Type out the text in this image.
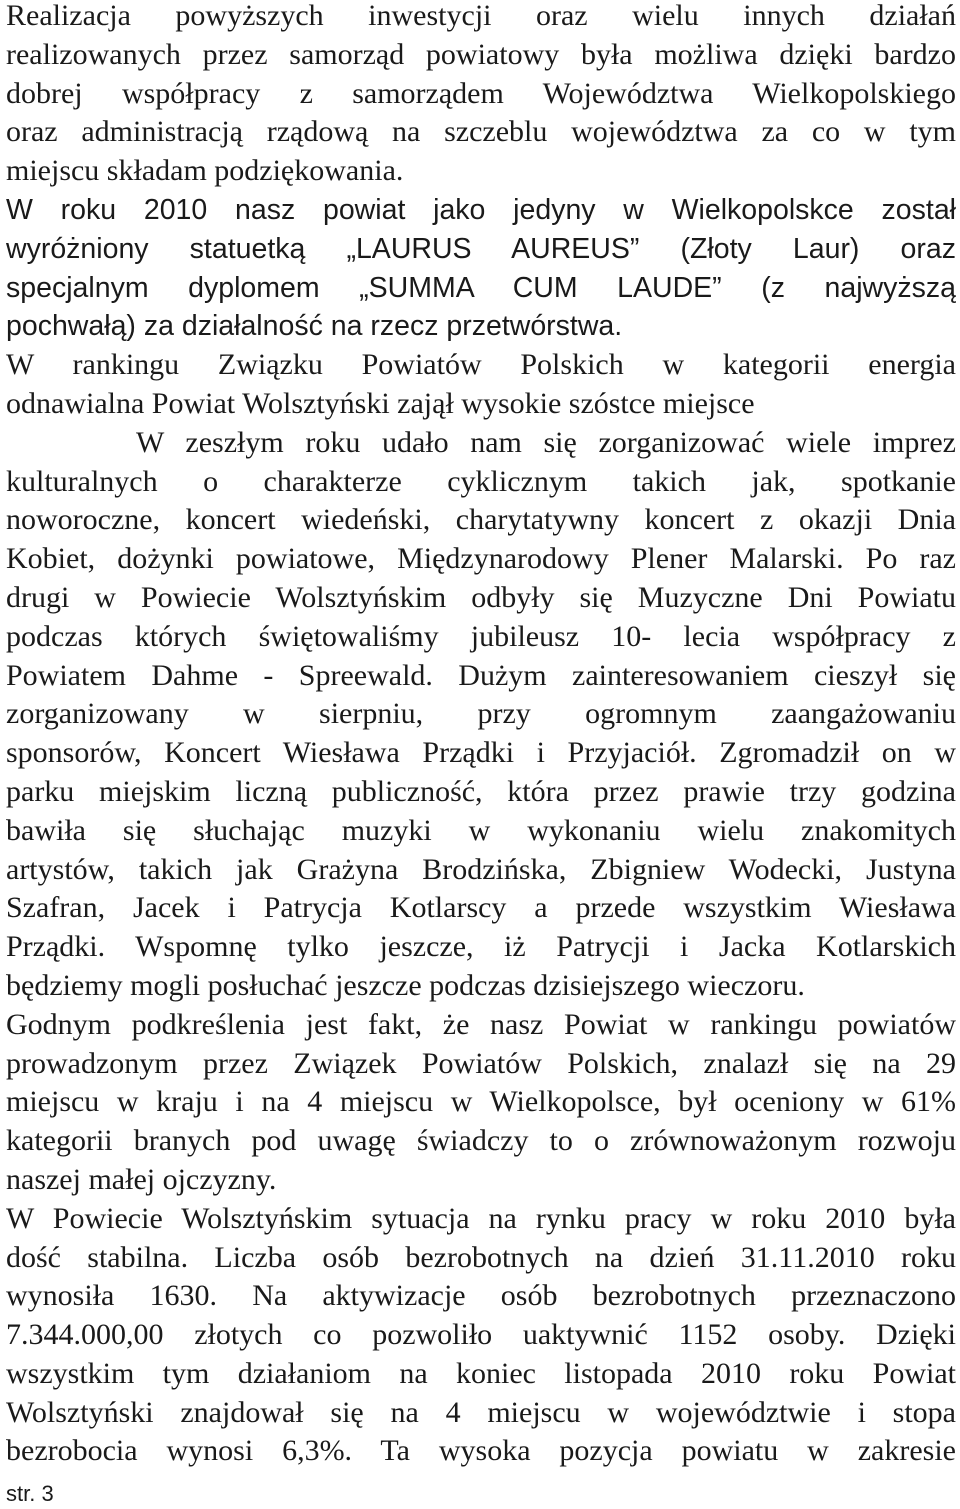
Realizacja powyższych inwestycji oraz wielu innych działań
realizowanych przez samorząd powiatowy była możliwa dzięki bardzo
dobrej współpracy z samorządem Województwa Wielkopolskiego
oraz administracją rządową na szczeblu województwa za co w tym
miejscu składam podziękowania.
W roku 2010 nasz powiat jako jedyny w Wielkopolskce został
wyróżniony statuetką „LAURUS AUREUS” (Złoty Laur) oraz
specjalnym dyplomem „SUMMA CUM LAUDE” (z najwyższą
pochwałą) za działalność na rzecz przetwórstwa.
W rankingu Związku Powiatów Polskich w kategorii energia
odnawialna Powiat Wolsztyński zajął wysokie szóstce miejsce
W zeszłym roku udało nam się zorganizować wiele imprez
kulturalnych o charakterze cyklicznym takich jak, spotkanie
noworoczne, koncert wiedeński, charytatywny koncert z okazji Dnia
Kobiet, dożynki powiatowe, Międzynarodowy Plener Malarski. Po raz
drugi w Powiecie Wolsztyńskim odbyły się Muzyczne Dni Powiatu
podczas których świętowaliśmy jubileusz 10- lecia współpracy z
Powiatem Dahme - Spreewald. Dużym zainteresowaniem cieszył się
zorganizowany w sierpniu, przy ogromnym zaangażowaniu
sponsorów, Koncert Wiesława Prządki i Przyjaciół. Zgromadził on w
parku miejskim liczną publiczność, która przez prawie trzy godzina
bawiła się słuchając muzyki w wykonaniu wielu znakomitych
artystów, takich jak Grażyna Brodzińska, Zbigniew Wodecki, Justyna
Szafran, Jacek i Patrycja Kotlarscy a przede wszystkim Wiesława
Prządki. Wspomnę tylko jeszcze, iż Patrycji i Jacka Kotlarskich
będziemy mogli posłuchać jeszcze podczas dzisiejszego wieczoru.
Godnym podkreślenia jest fakt, że nasz Powiat w rankingu powiatów
prowadzonym przez Związek Powiatów Polskich, znalazł się na 29
miejscu w kraju i na 4 miejscu w Wielkopolsce, był oceniony w 61%
kategorii branych pod uwagę świadczy to o zrównoważonym rozwoju
naszej małej ojczyzny.
W Powiecie Wolsztyńskim sytuacja na rynku pracy w roku 2010 była
dość stabilna. Liczba osób bezrobotnych na dzień 31.11.2010 roku
wynosiła 1630. Na aktywizacje osób bezrobotnych przeznaczono
7.344.000,00 złotych co pozwoliło uaktywnić 1152 osoby. Dzięki
wszystkim tym działaniom na koniec listopada 2010 roku Powiat
Wolsztyński znajdował się na 4 miejscu w województwie i stopa
bezrobocia wynosi 6,3%. Ta wysoka pozycja powiatu w zakresie
str. 3
